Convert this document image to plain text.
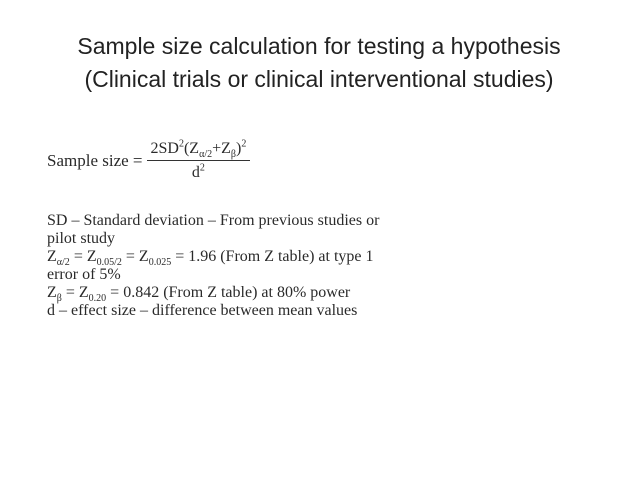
Sample size calculation for testing a hypothesis
(Clinical trials or clinical interventional studies)
Sample size = $\frac{2SD^2(Z_{\alpha/2}+Z_\beta)^2}{d^2}$
SD – Standard deviation – From previous studies or
pilot study
$Z_{\alpha/2} = Z_{0.05/2} = Z_{0.025} = 1.96$ (From Z table) at type 1
error of 5%
$Z_\beta = Z_{0.20} = 0.842$ (From Z table) at 80% power
d – effect size – difference between mean values
